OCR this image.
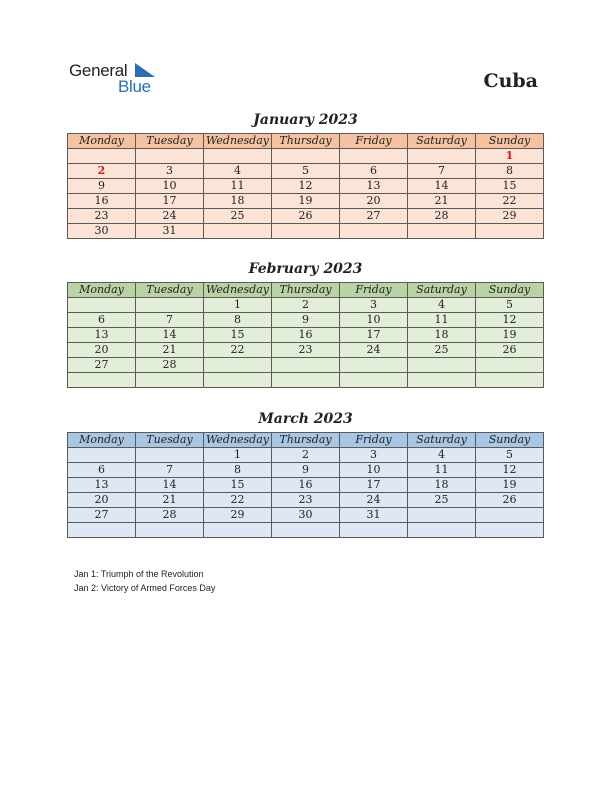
General
Blue	Cuba
January 2023
Monday	Tuesday	Wednesday	Thursday	Friday	Saturday	Sunday
						1
2	3	4	5	6	7	8
9	10	11	12	13	14	15
16	17	18	19	20	21	22
23	24	25	26	27	28	29
30	31					
February 2023
Monday	Tuesday	Wednesday	Thursday	Friday	Saturday	Sunday
		1	2	3	4	5
6	7	8	9	10	11	12
13	14	15	16	17	18	19
20	21	22	23	24	25	26
27	28					

March 2023
Monday	Tuesday	Wednesday	Thursday	Friday	Saturday	Sunday
		1	2	3	4	5
6	7	8	9	10	11	12
13	14	15	16	17	18	19
20	21	22	23	24	25	26
27	28	29	30	31		

Jan 1: Triumph of the Revolution
Jan 2: Victory of Armed Forces Day
